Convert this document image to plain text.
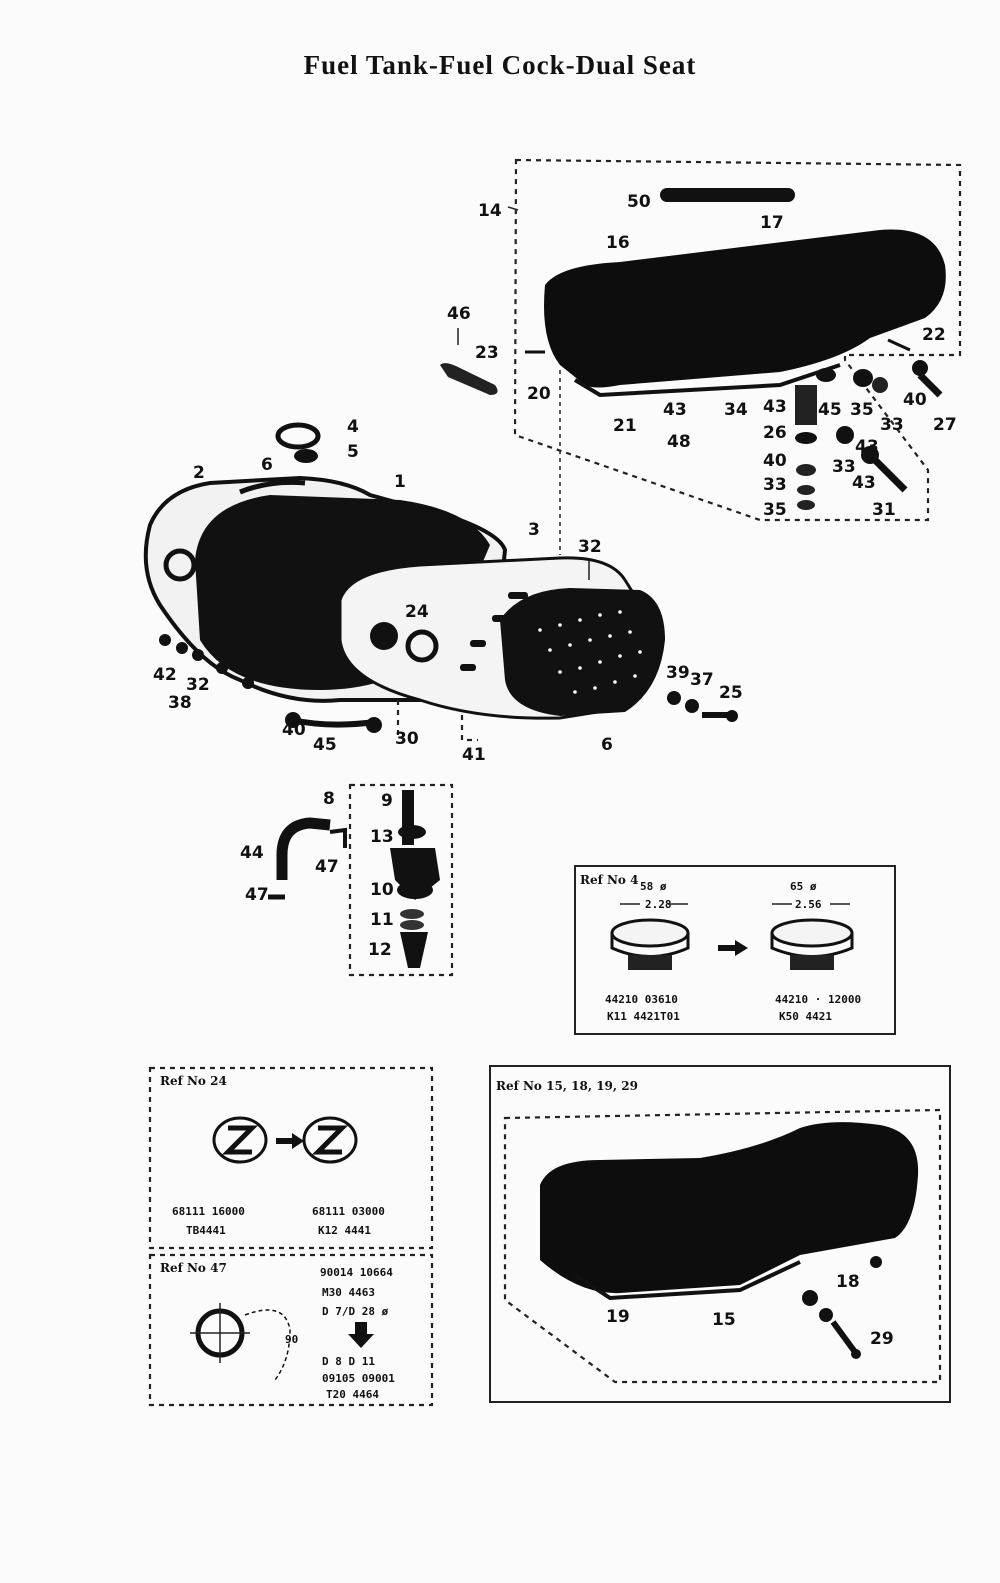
Fuel Tank-Fuel Cock-Dual Seat
14	50
17
16
46
23
22
20
21
43
48
34 43
26
40
33
35
45 35
33
40
27
33
43
31
4
5
6
2	1
3
32
24
42 32
38
40
45	30
41	6
39 37
25
8	9
13
44
47
47	10
11
12
43
Ref No 4 58 ø
2.28
65 ø
2.56
44210 03610
K11 4421T01
44210 · 12000
K50 4421
Ref No 24
68111 16000
TB4441
68111 03000
K12 4441
Ref No 47
90
90014 10664
M30 4463
D 7/D 28 ø
D 8 D 11
09105 09001
T20 4464
Ref No 15, 18, 19, 29
19	15
18
29
